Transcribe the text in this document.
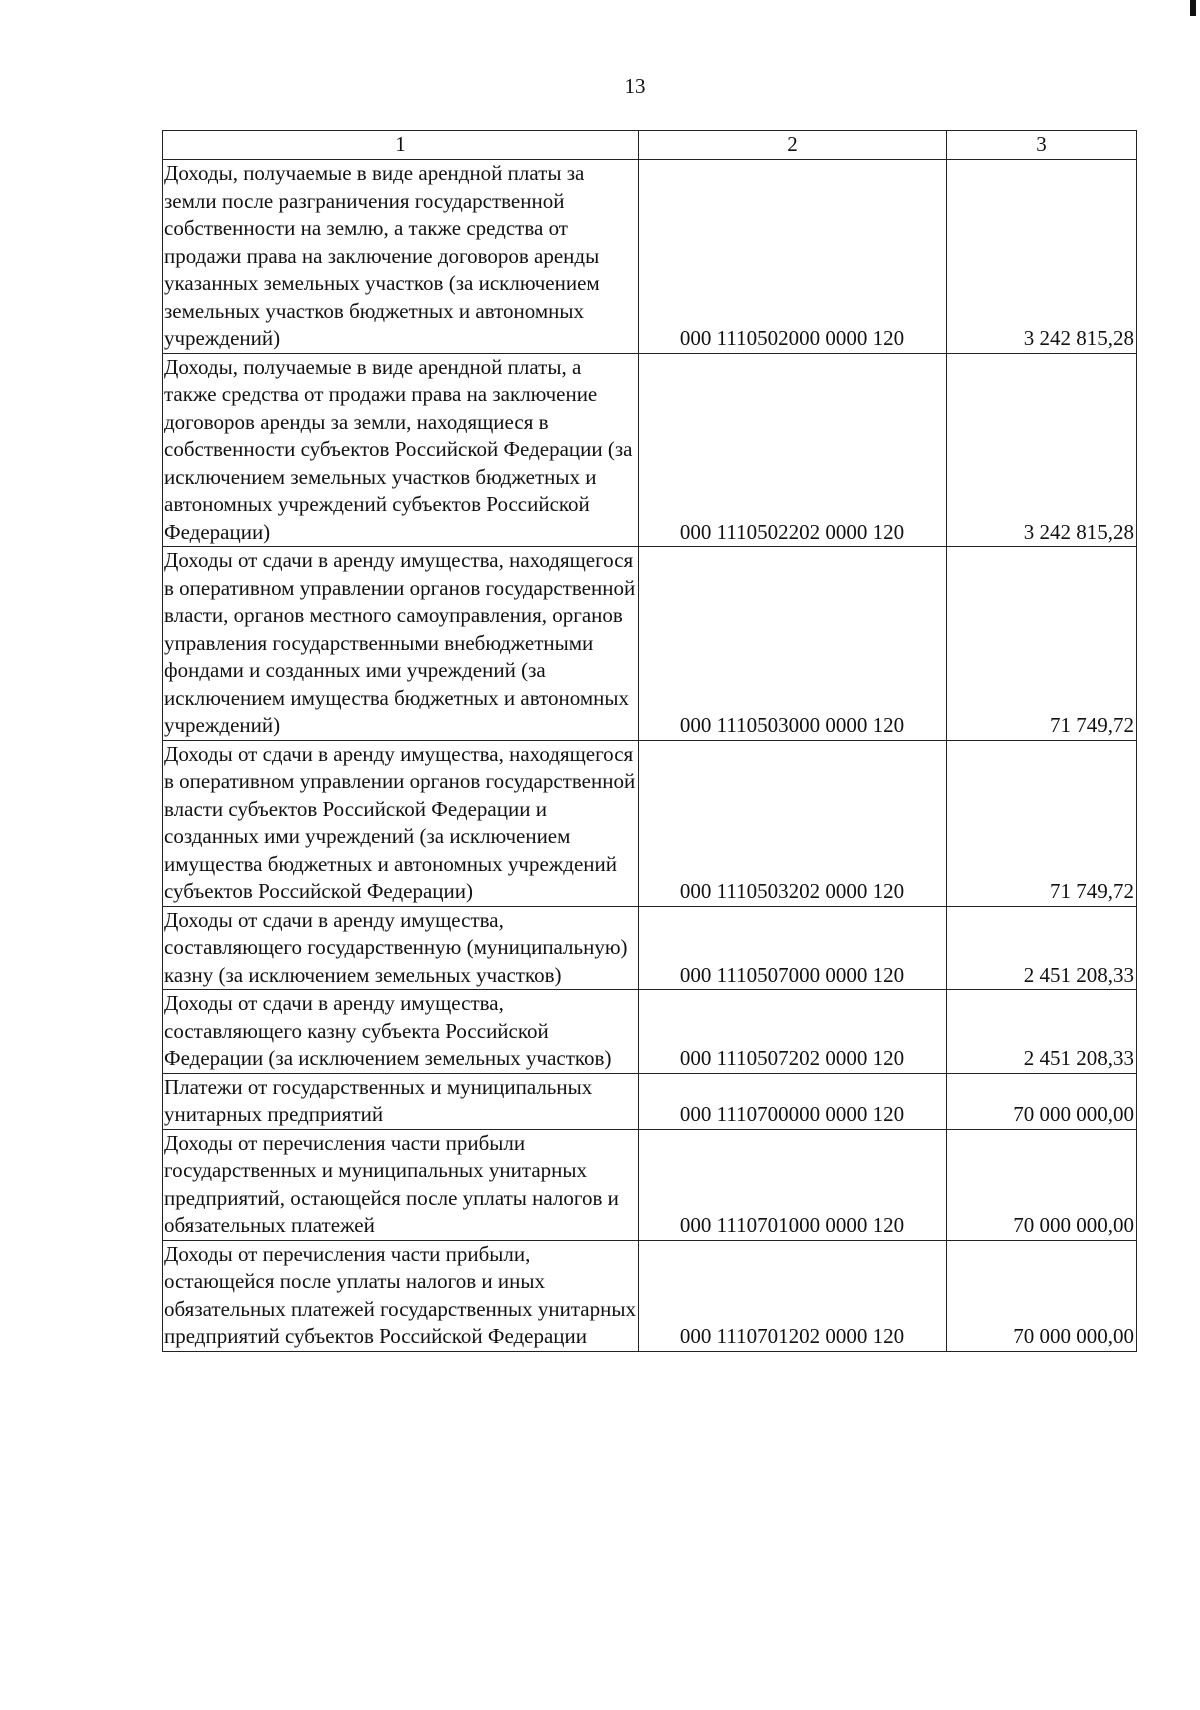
13
1	2	3
Доходы, получаемые в виде арендной платы за земли после разграничения государственной собственности на землю, а также средства от продажи права на заключение договоров аренды указанных земельных участков (за исключением земельных участков бюджетных и автономных учреждений)	000 1110502000 0000 120	3 242 815,28
Доходы, получаемые в виде арендной платы, а также средства от продажи права на заключение договоров аренды за земли, находящиеся в собственности субъектов Российской Федерации (за исключением земельных участков бюджетных и автономных учреждений субъектов Российской Федерации)	000 1110502202 0000 120	3 242 815,28
Доходы от сдачи в аренду имущества, находящегося в оперативном управлении органов государственной власти, органов местного самоуправления, органов управления государственными внебюджетными фондами и созданных ими учреждений (за исключением имущества бюджетных и автономных учреждений)	000 1110503000 0000 120	71 749,72
Доходы от сдачи в аренду имущества, находящегося в оперативном управлении органов государственной власти субъектов Российской Федерации и созданных ими учреждений (за исключением имущества бюджетных и автономных учреждений субъектов Российской Федерации)	000 1110503202 0000 120	71 749,72
Доходы от сдачи в аренду имущества, составляющего государственную (муниципальную) казну (за исключением земельных участков)	000 1110507000 0000 120	2 451 208,33
Доходы от сдачи в аренду имущества, составляющего казну субъекта Российской Федерации (за исключением земельных участков)	000 1110507202 0000 120	2 451 208,33
Платежи от государственных и муниципальных унитарных предприятий	000 1110700000 0000 120	70 000 000,00
Доходы от перечисления части прибыли государственных и муниципальных унитарных предприятий, остающейся после уплаты налогов и обязательных платежей	000 1110701000 0000 120	70 000 000,00
Доходы от перечисления части прибыли, остающейся после уплаты налогов и иных обязательных платежей государственных унитарных предприятий субъектов Российской Федерации	000 1110701202 0000 120	70 000 000,00
